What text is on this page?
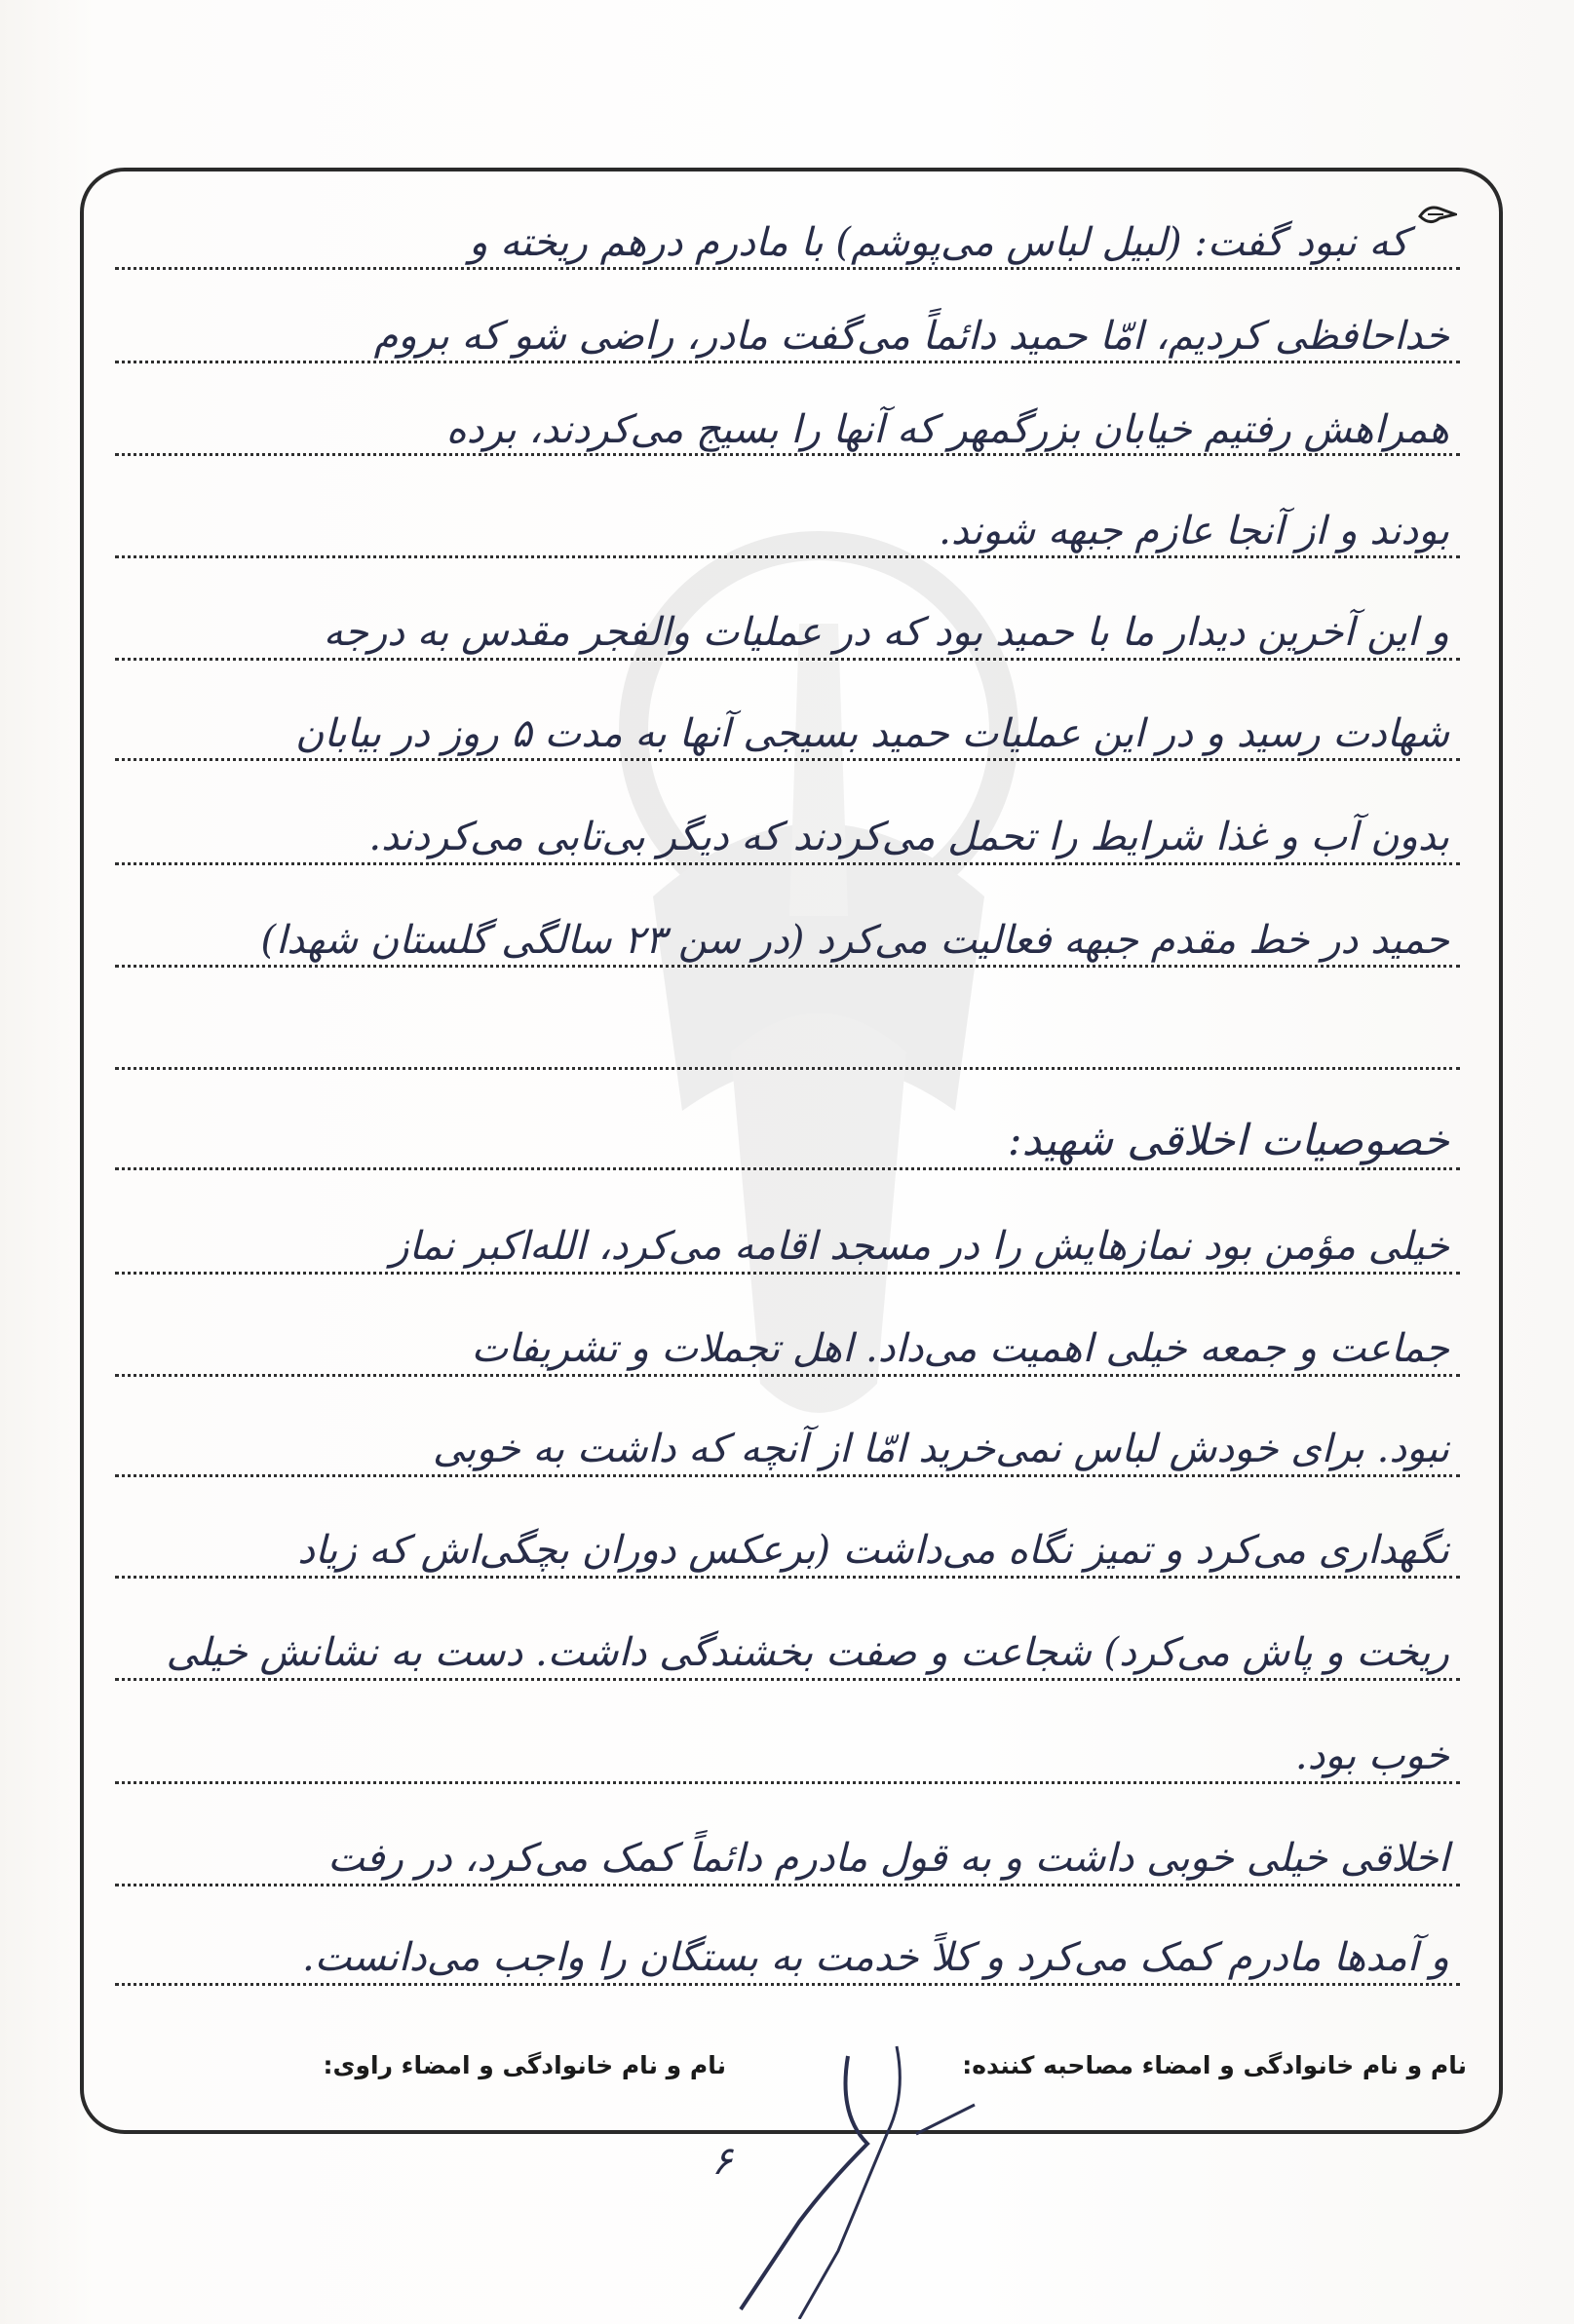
که نبود گفت: (لبیل لباس می‌پوشم) با مادرم درهم ریخته و
خداحافظی کردیم، امّا حمید دائماً می‌گفت مادر، راضی شو که بروم
همراهش رفتیم خیابان بزرگمهر که آنها را بسیج می‌کردند، برده
بودند و از آنجا عازم جبهه شوند.
و این آخرین دیدار ما با حمید بود که در عملیات والفجر مقدس به درجه
شهادت رسید و در این عملیات حمید بسیجی آنها به مدت ۵ روز در بیابان
بدون آب و غذا شرایط را تحمل می‌کردند که دیگر بی‌تابی می‌کردند.
حمید در خط مقدم جبهه فعالیت می‌کرد (در سن ۲۳ سالگی گلستان شهدا)
خصوصیات اخلاقی شهید:
خیلی مؤمن بود نمازهایش را در مسجد اقامه می‌کرد، الله‌اکبر نماز
جماعت و جمعه خیلی اهمیت می‌داد. اهل تجملات و تشریفات
نبود. برای خودش لباس نمی‌خرید امّا از آنچه که داشت به خوبی
نگهداری می‌کرد و تمیز نگاه می‌داشت (برعکس دوران بچگی‌اش که زیاد
ریخت و پاش می‌کرد) شجاعت و صفت بخشندگی داشت. دست به نشانش خیلی
خوب بود.
اخلاقی خیلی خوبی داشت و به قول مادرم دائماً کمک می‌کرد، در رفت
و آمدها مادرم کمک می‌کرد و کلاً خدمت به بستگان را واجب می‌دانست.
نام و نام خانوادگی و امضاء مصاحبه کننده:
نام و نام خانوادگی و امضاء راوی:
۶
